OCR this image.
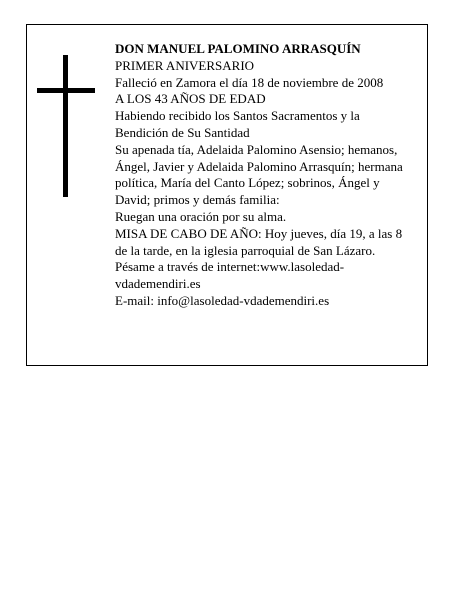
DON MANUEL PALOMINO ARRASQUÍN

PRIMER ANIVERSARIO

Falleció en Zamora el día 18 de noviembre de 2008

A LOS 43 AÑOS DE EDAD

Habiendo recibido los Santos Sacramentos y la Bendición de Su Santidad

Su apenada tía, Adelaida Palomino Asensio; hemanos, Ángel, Javier y Adelaida Palomino Arrasquín; hermana política, María del Canto López; sobrinos, Ángel y David; primos y demás familia:

Ruegan una oración por su alma.

MISA DE CABO DE AÑO: Hoy jueves, día 19, a las 8 de la tarde, en la iglesia parroquial de San Lázaro.

Pésame a través de internet:www.lasoledad-vdademendiri.es

E-mail: info@lasoledad-vdademendiri.es
